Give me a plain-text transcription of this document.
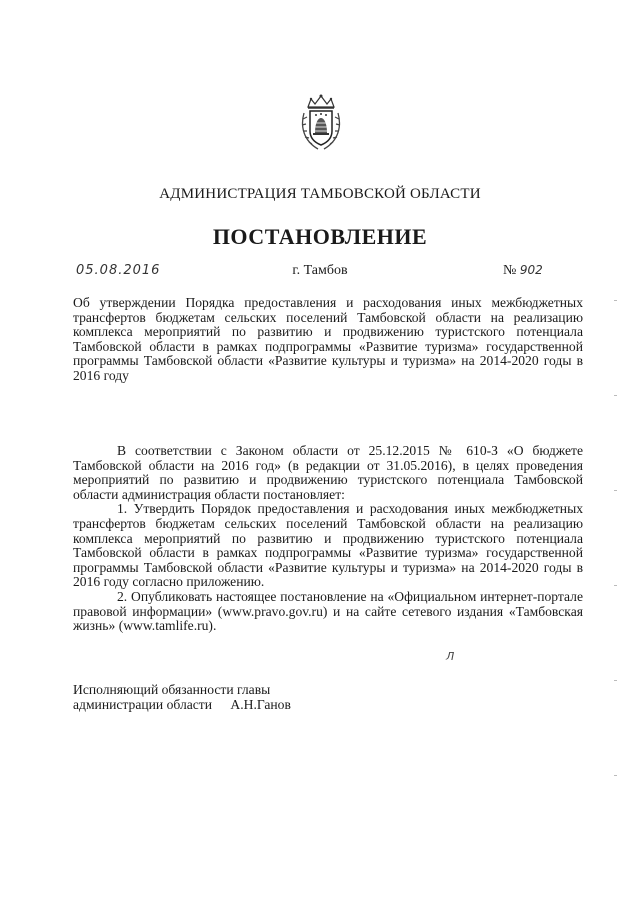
АДМИНИСТРАЦИЯ ТАМБОВСКОЙ ОБЛАСТИ
ПОСТАНОВЛЕНИЕ
05.08.2016	г. Тамбов	№ 902
Об утверждении Порядка предоставления и расходования иных межбюджетных трансфертов бюджетам сельских поселений Тамбовской области на реализацию комплекса мероприятий по развитию и продвижению туристского потенциала Тамбовской области в рамках подпрограммы «Развитие туризма» государственной программы Тамбовской области «Развитие культуры и туризма» на 2014-2020 годы в 2016 году

В соответствии с Законом области от 25.12.2015 № 610-З «О бюджете Тамбовской области на 2016 год» (в редакции от 31.05.2016), в целях проведения мероприятий по развитию и продвижению туристского потенциала Тамбовской области администрация области постановляет:

1. Утвердить Порядок предоставления и расходования иных межбюджетных трансфертов бюджетам сельских поселений Тамбовской области на реализацию комплекса мероприятий по развитию и продвижению туристского потенциала Тамбовской области в рамках подпрограммы «Развитие туризма» государственной программы Тамбовской области «Развитие культуры и туризма» на 2014-2020 годы в 2016 году согласно приложению.

2. Опубликовать настоящее постановление на «Официальном интернет-портале правовой информации» (www.pravo.gov.ru) и на сайте сетевого издания «Тамбовская жизнь» (www.tamlife.ru).

Л
Исполняющий обязанности главы
администрации области А.Н.Ганов
